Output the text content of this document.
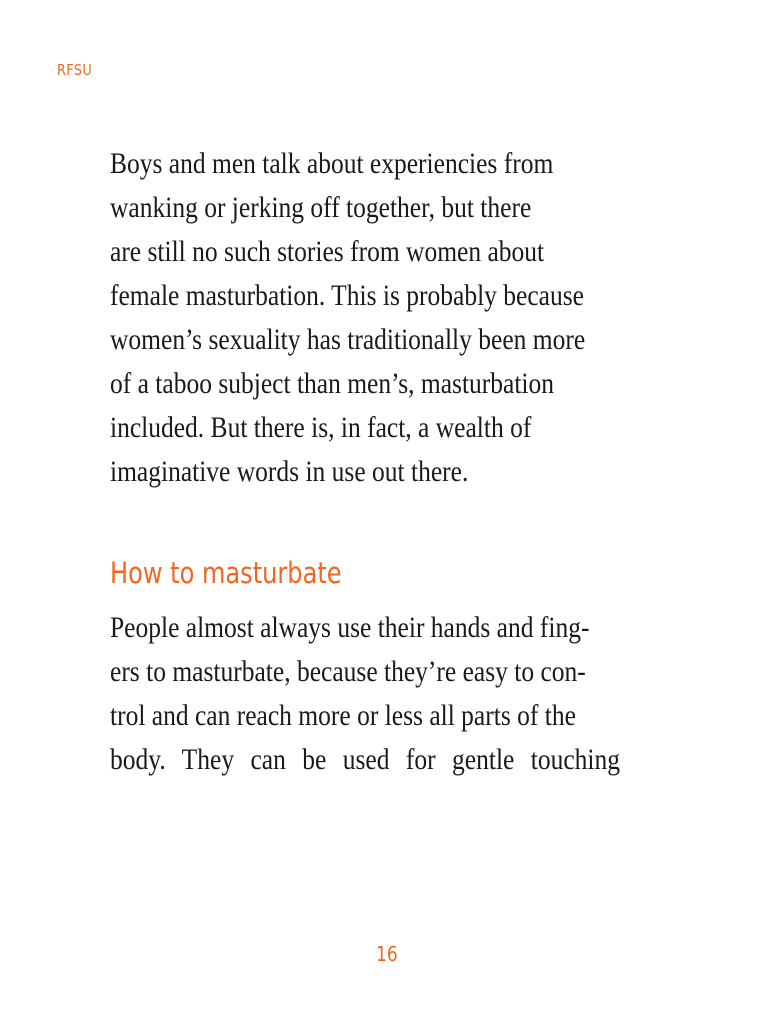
RFSU
Boys and men talk about experiencies from
wanking or jerking off together, but there
are still no such stories from women about
female masturbation. This is probably because
women’s sexuality has traditionally been more
of a taboo subject than men’s, masturbation
included. But there is, in fact, a wealth of
imaginative words in use out there.
How to masturbate
People almost always use their hands and fing-
ers to masturbate, because they’re easy to con-
trol and can reach more or less all parts of the
body. They can be used for gentle touching
16
